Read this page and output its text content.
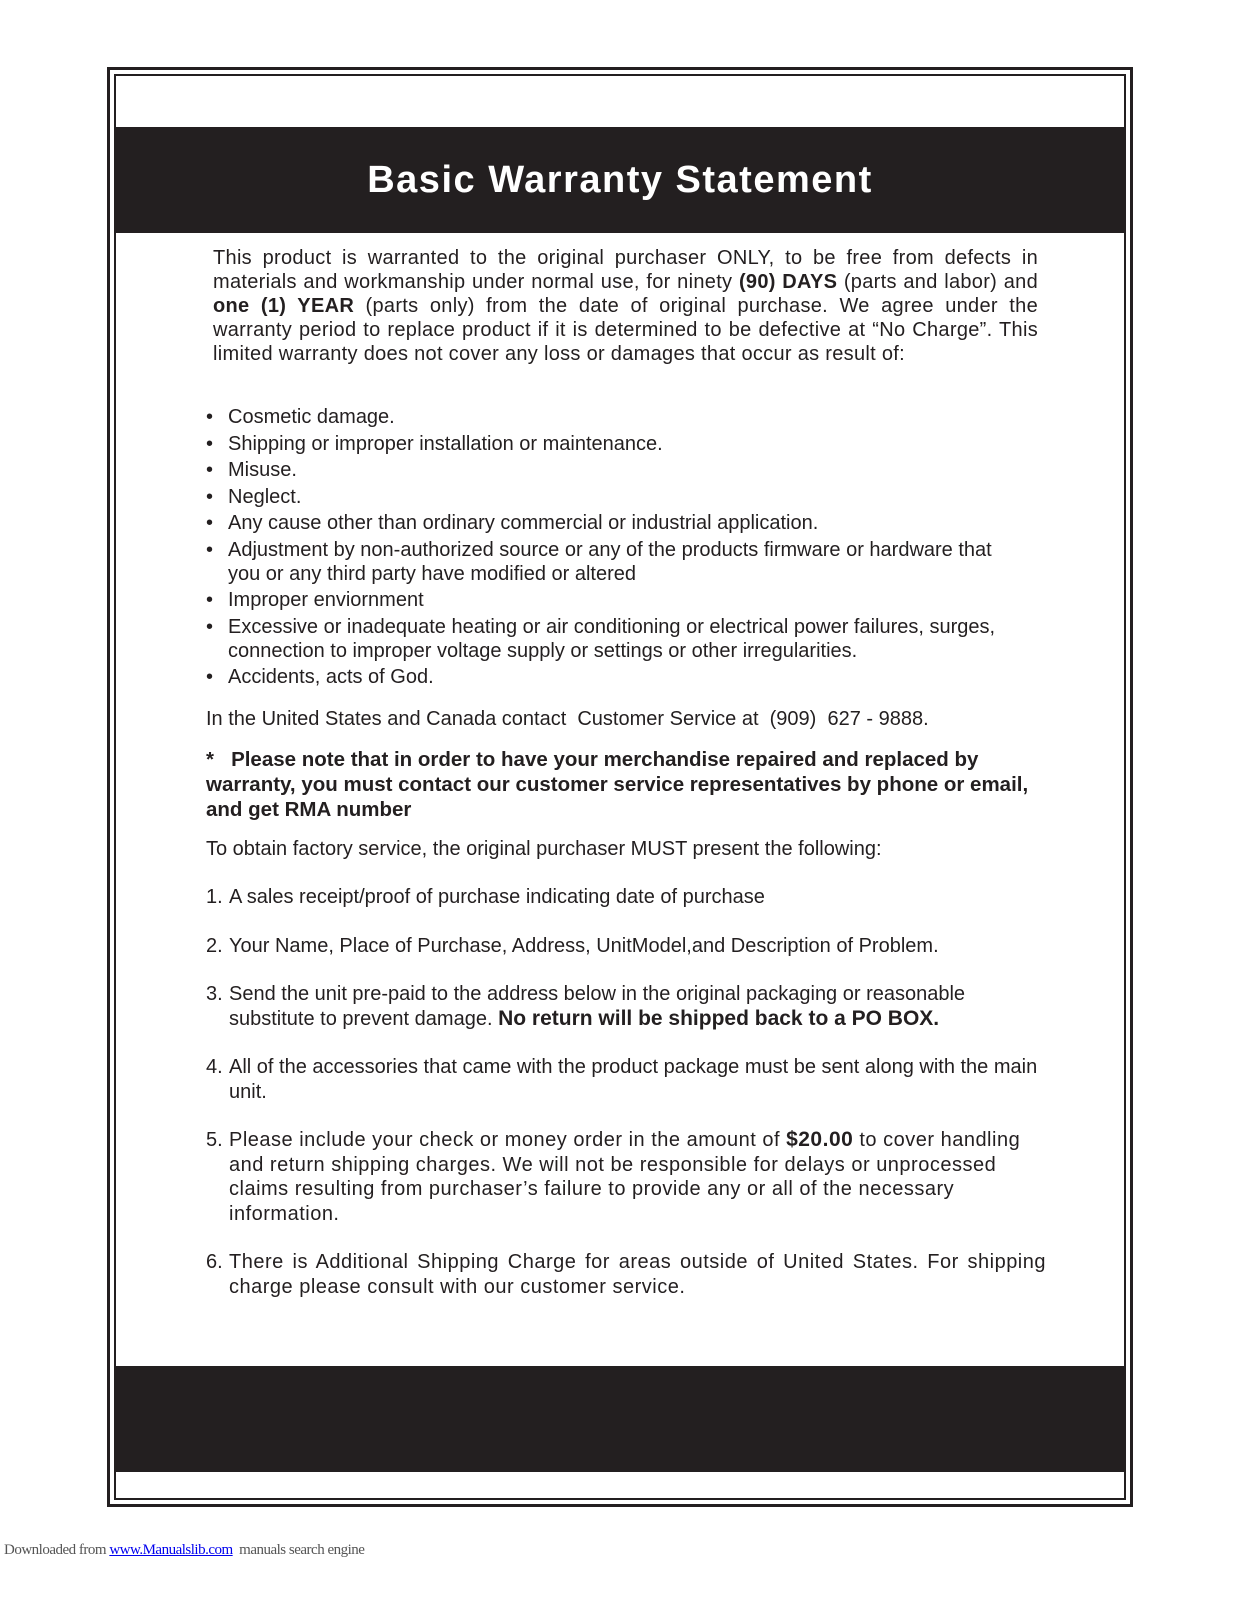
Basic Warranty Statement

This product is warranted to the original purchaser ONLY, to be free from defects in materials and workmanship under normal use, for ninety (90) DAYS (parts and labor) and one (1) YEAR (parts only) from the date of original purchase. We agree under the warranty period to replace product if it is determined to be defective at “No Charge”. This limited warranty does not cover any loss or damages that occur as result of:

• Cosmetic damage.
• Shipping or improper installation or maintenance.
• Misuse.
• Neglect.
• Any cause other than ordinary commercial or industrial application.
• Adjustment by non-authorized source or any of the products firmware or hardware that you or any third party have modified or altered
• Improper enviornment
• Excessive or inadequate heating or air conditioning or electrical power failures, surges, connection to improper voltage supply or settings or other irregularities.
• Accidents, acts of God.

In the United States and Canada contact  Customer Service at  (909)  627 - 9888.

*   Please note that in order to have your merchandise repaired and replaced by warranty, you must contact our customer service representatives by phone or email, and get RMA number

To obtain factory service, the original purchaser MUST present the following:

1. A sales receipt/proof of purchase indicating date of purchase
2. Your Name, Place of Purchase, Address, UnitModel,and Description of Problem.
3. Send the unit pre-paid to the address below in the original packaging or reasonable substitute to prevent damage. No return will be shipped back to a PO BOX.
4. All of the accessories that came with the product package must be sent along with the main unit.
5. Please include your check or money order in the amount of $20.00 to cover handling and return shipping charges. We will not be responsible for delays or unprocessed claims resulting from purchaser’s failure to provide any or all of the necessary information.
6. There is Additional Shipping Charge for areas outside of United States. For shipping charge please consult with our customer service.
Downloaded from www.Manualslib.com  manuals search engine
